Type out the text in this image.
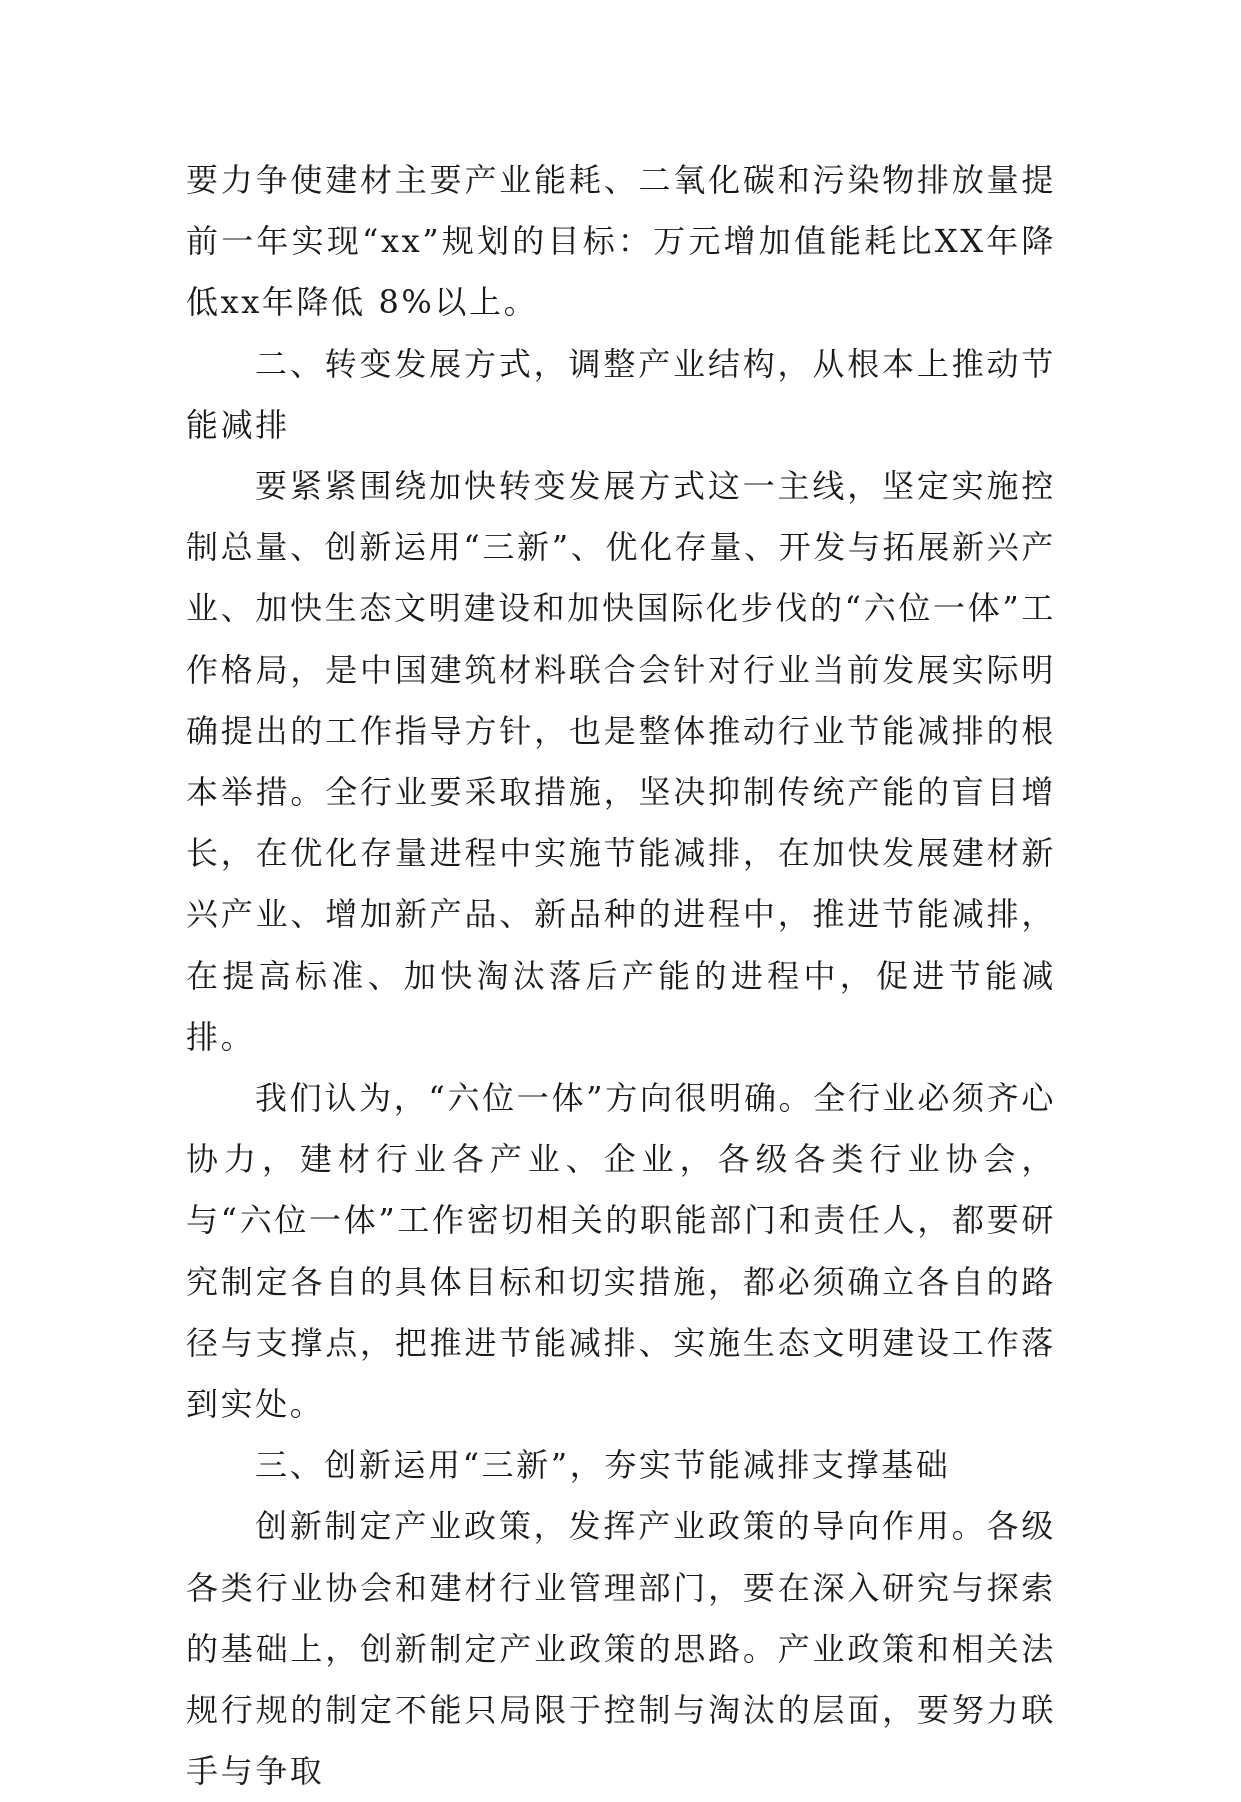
要力争使建材主要产业能耗、二氧化碳和污染物排放量提前一年实现“xx”规划的目标：万元增加值能耗比XX年降低xx年降低 8%以上。

二、转变发展方式，调整产业结构，从根本上推动节能减排

要紧紧围绕加快转变发展方式这一主线，坚定实施控制总量、创新运用“三新”、优化存量、开发与拓展新兴产业、加快生态文明建设和加快国际化步伐的“六位一体”工作格局，是中国建筑材料联合会针对行业当前发展实际明确提出的工作指导方针，也是整体推动行业节能减排的根本举措。全行业要采取措施，坚决抑制传统产能的盲目增长，在优化存量进程中实施节能减排，在加快发展建材新兴产业、增加新产品、新品种的进程中，推进节能减排，在提高标准、加快淘汰落后产能的进程中，促进节能减排。

我们认为，“六位一体”方向很明确。全行业必须齐心协力，建材行业各产业、企业，各级各类行业协会，与“六位一体”工作密切相关的职能部门和责任人，都要研究制定各自的具体目标和切实措施，都必须确立各自的路径与支撑点，把推进节能减排、实施生态文明建设工作落到实处。

三、创新运用“三新”，夯实节能减排支撑基础

创新制定产业政策，发挥产业政策的导向作用。各级各类行业协会和建材行业管理部门，要在深入研究与探索的基础上，创新制定产业政策的思路。产业政策和相关法规行规的制定不能只局限于控制与淘汰的层面，要努力联手与争取
